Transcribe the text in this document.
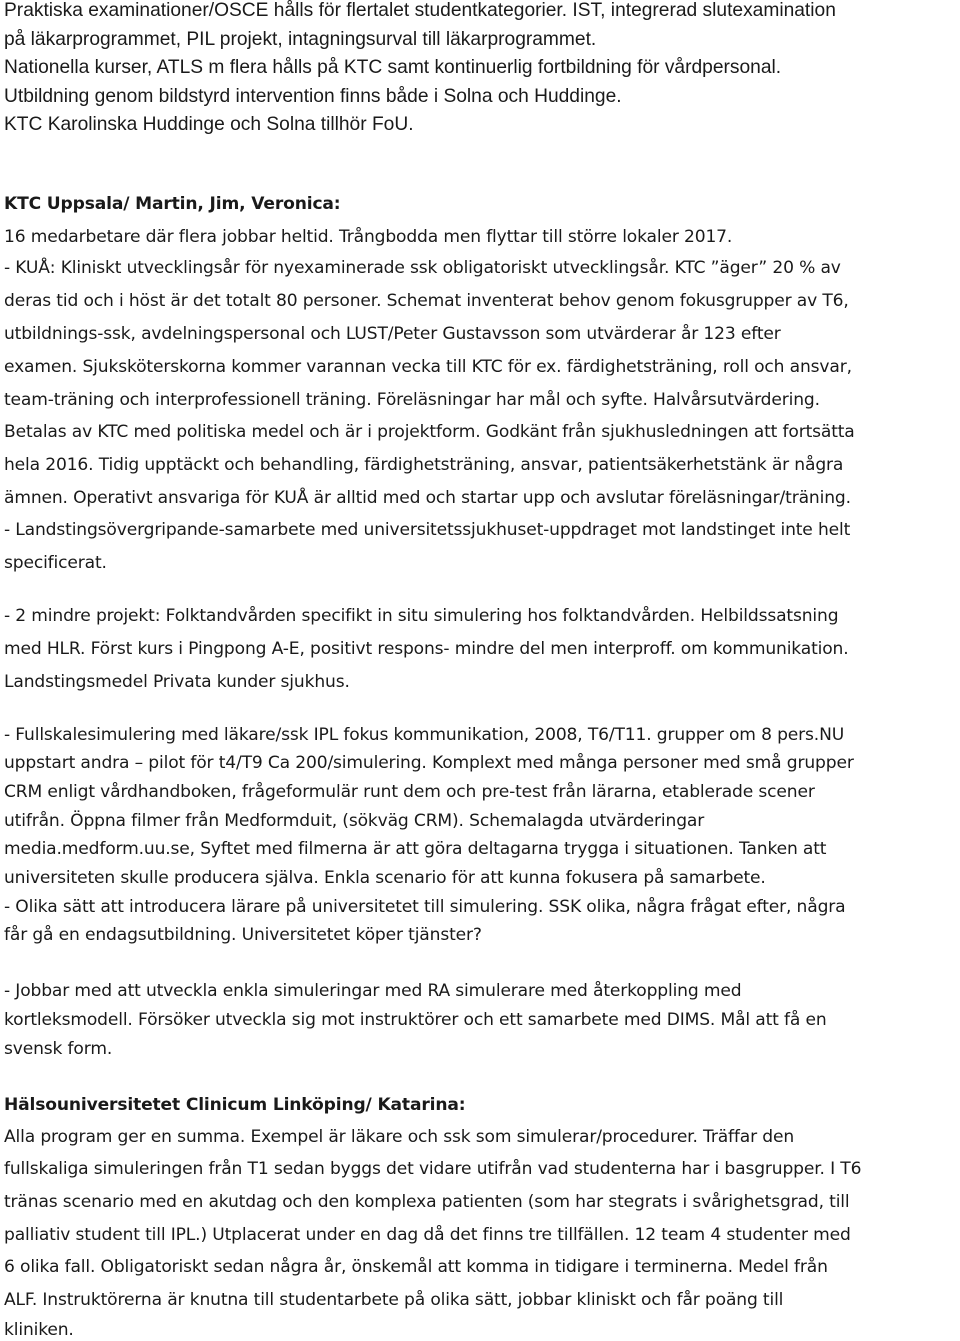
Praktiska examinationer/OSCE hålls för flertalet studentkategorier. IST, integrerad slutexamination
på läkarprogrammet, PIL projekt, intagningsurval till läkarprogrammet.
Nationella kurser, ATLS m flera hålls på KTC samt kontinuerlig fortbildning för vårdpersonal.
Utbildning genom bildstyrd intervention finns både i Solna och Huddinge.
KTC Karolinska Huddinge och Solna tillhör FoU.
KTC Uppsala/ Martin, Jim, Veronica:
16 medarbetare där flera jobbar heltid. Trångbodda men flyttar till större lokaler 2017.
- KUÅ: Kliniskt utvecklingsår för nyexaminerade ssk obligatoriskt utvecklingsår. KTC ”äger” 20 % av
deras tid och i höst är det totalt 80 personer. Schemat inventerat behov genom fokusgrupper av T6,
utbildnings-ssk, avdelningspersonal och LUST/Peter Gustavsson som utvärderar år 123 efter
examen. Sjuksköterskorna kommer varannan vecka till KTC för ex. färdighetsträning, roll och ansvar,
team-träning och interprofessionell träning. Föreläsningar har mål och syfte. Halvårsutvärdering.
Betalas av KTC med politiska medel och är i projektform. Godkänt från sjukhusledningen att fortsätta
hela 2016. Tidig upptäckt och behandling, färdighetsträning, ansvar, patientsäkerhetstänk är några
ämnen. Operativt ansvariga för KUÅ är alltid med och startar upp och avslutar föreläsningar/träning.
- Landstingsövergripande-samarbete med universitetssjukhuset-uppdraget mot landstinget inte helt
specificerat.
- 2 mindre projekt: Folktandvården specifikt in situ simulering hos folktandvården. Helbildssatsning
med HLR. Först kurs i Pingpong A-E, positivt respons- mindre del men interproff. om kommunikation.
Landstingsmedel Privata kunder sjukhus.
- Fullskalesimulering med läkare/ssk IPL fokus kommunikation, 2008, T6/T11. grupper om 8 pers.NU
uppstart andra – pilot för t4/T9 Ca 200/simulering. Komplext med många personer med små grupper
CRM enligt vårdhandboken, frågeformulär runt dem och pre-test från lärarna, etablerade scener
utifrån. Öppna filmer från Medformduit, (sökväg CRM). Schemalagda utvärderingar
media.medform.uu.se, Syftet med filmerna är att göra deltagarna trygga i situationen. Tanken att
universiteten skulle producera själva. Enkla scenario för att kunna fokusera på samarbete.
- Olika sätt att introducera lärare på universitetet till simulering. SSK olika, några frågat efter, några
får gå en endagsutbildning. Universitetet köper tjänster?
- Jobbar med att utveckla enkla simuleringar med RA simulerare med återkoppling med
kortleksmodell. Försöker utveckla sig mot instruktörer och ett samarbete med DIMS. Mål att få en
svensk form.
Hälsouniversitetet Clinicum Linköping/ Katarina:
Alla program ger en summa. Exempel är läkare och ssk som simulerar/procedurer. Träffar den
fullskaliga simuleringen från T1 sedan byggs det vidare utifrån vad studenterna har i basgrupper. I T6
tränas scenario med en akutdag och den komplexa patienten (som har stegrats i svårighetsgrad, till
palliativ student till IPL.) Utplacerat under en dag då det finns tre tillfällen. 12 team 4 studenter med
6 olika fall. Obligatoriskt sedan några år, önskemål att komma in tidigare i terminerna. Medel från
ALF. Instruktörerna är knutna till studentarbete på olika sätt, jobbar kliniskt och får poäng till
kliniken.
